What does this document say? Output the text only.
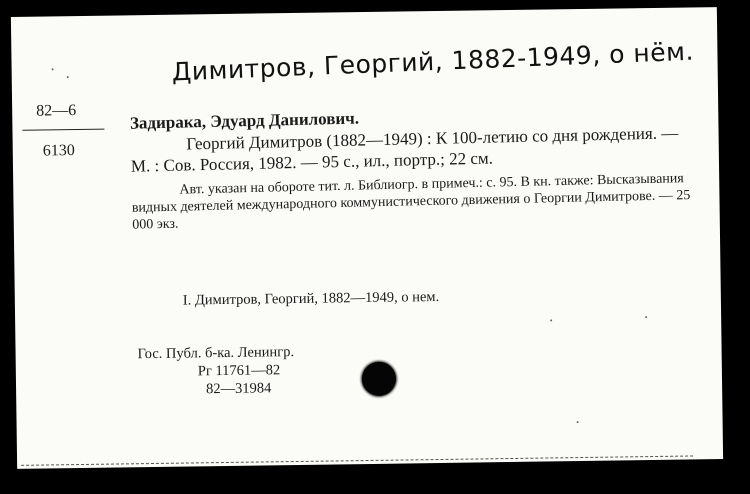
Димитров, Георгий, 1882-1949, о нём.
82—6
6130
Задирака, Эдуард Данилович.
Георгий Димитров (1882—1949) : К 100-летию со дня рождения. — М. : Сов. Россия, 1982. — 95 с., ил., портр.; 22 см.
Авт. указан на обороте тит. л. Библиогр. в примеч.: с. 95. В кн. также: Высказывания видных деятелей международного коммунистического движения о Георгии Димитрове. — 25 000 экз.
I. Димитров, Георгий, 1882—1949, о нем.
Гос. Публ. б-ка. Ленингр.
Рг 11761—82
82—31984
